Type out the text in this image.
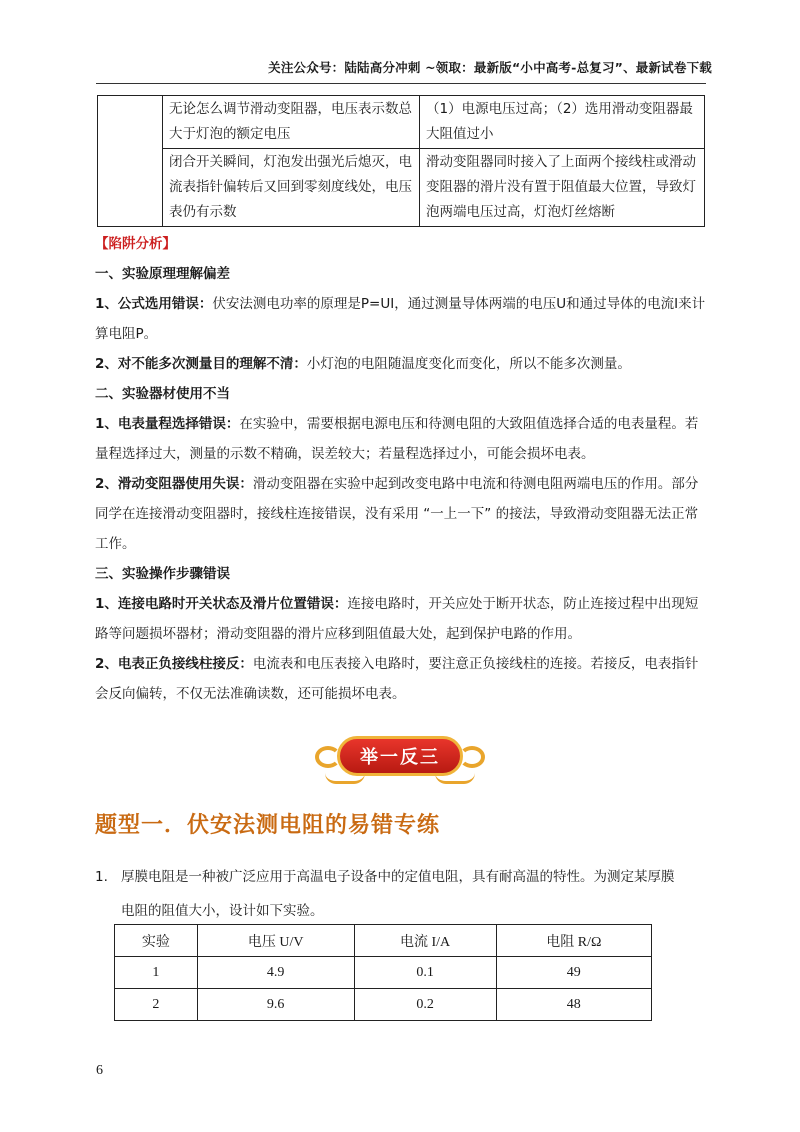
关注公众号：陆陆高分冲刺 ~领取：最新版“小中高考-总复习”、最新试卷下载
	无论怎么调节滑动变阻器，电压表示数总大于灯泡的额定电压	（1）电源电压过高；（2）选用滑动变阻器最大阻值过小
	闭合开关瞬间，灯泡发出强光后熄灭，电流表指针偏转后又回到零刻度线处，电压表仍有示数	滑动变阻器同时接入了上面两个接线柱或滑动变阻器的滑片没有置于阻值最大位置，导致灯泡两端电压过高，灯泡灯丝熔断

【陷阱分析】

一、实验原理理解偏差

1、公式选用错误：伏安法测电功率的原理是P=UI，通过测量导体两端的电压U和通过导体的电流I来计算电阻P。

2、对不能多次测量目的理解不清：小灯泡的电阻随温度变化而变化，所以不能多次测量。

二、实验器材使用不当

1、电表量程选择错误：在实验中，需要根据电源电压和待测电阻的大致阻值选择合适的电表量程。若量程选择过大，测量的示数不精确，误差较大；若量程选择过小，可能会损坏电表。

2、滑动变阻器使用失误：滑动变阻器在实验中起到改变电路中电流和待测电阻两端电压的作用。部分同学在连接滑动变阻器时，接线柱连接错误，没有采用 “一上一下” 的接法，导致滑动变阻器无法正常工作。

三、实验操作步骤错误

1、连接电路时开关状态及滑片位置错误：连接电路时，开关应处于断开状态，防止连接过程中出现短路等问题损坏器材；滑动变阻器的滑片应移到阻值最大处，起到保护电路的作用。

2、电表正负接线柱接反：电流表和电压表接入电路时，要注意正负接线柱的连接。若接反，电表指针会反向偏转，不仅无法准确读数，还可能损坏电表。

举一反三
题型一．伏安法测电阻的易错专练
1. 厚膜电阻是一种被广泛应用于高温电子设备中的定值电阻，具有耐高温的特性。为测定某厚膜
电阻的阻值大小，设计如下实验。
实验	电压 U/V	电流 I/A	电阻 R/Ω
1	4.9	0.1	49
2	9.6	0.2	48
6
